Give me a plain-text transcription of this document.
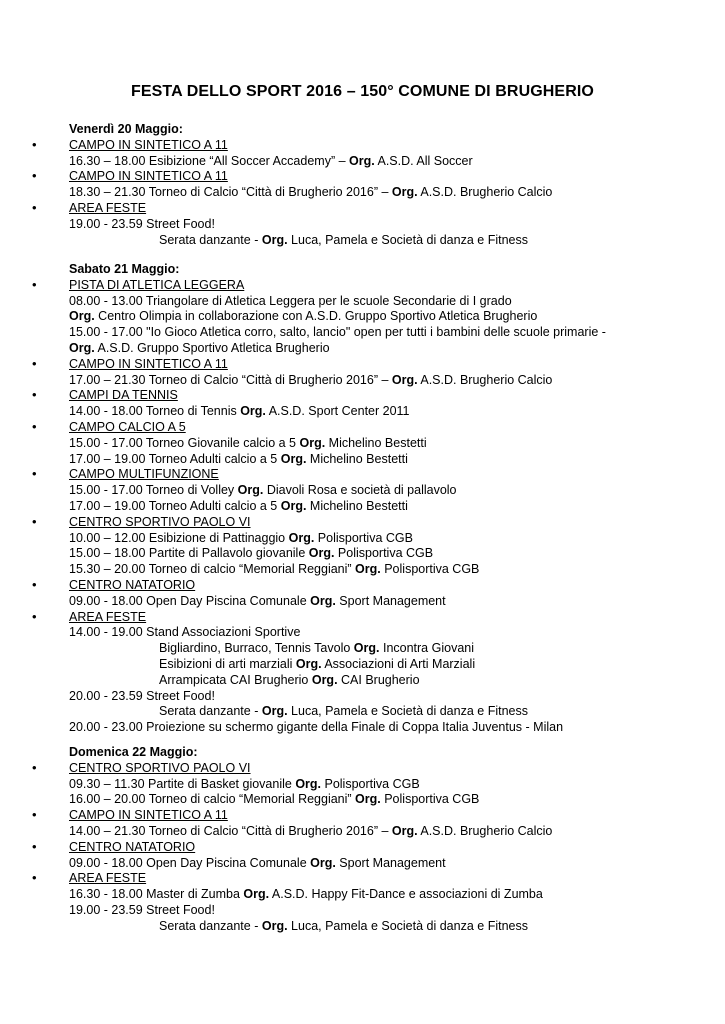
FESTA DELLO SPORT 2016 – 150° COMUNE DI BRUGHERIO
Venerdì 20 Maggio:
•	CAMPO IN SINTETICO A 11
16.30 – 18.00 Esibizione “All Soccer Accademy” – Org. A.S.D. All Soccer
•	CAMPO IN SINTETICO A 11
18.30 – 21.30 Torneo di Calcio “Città di Brugherio 2016” – Org. A.S.D. Brugherio Calcio
•	AREA FESTE
19.00 - 23.59 Street Food!
Serata danzante - Org. Luca, Pamela e Società di danza e Fitness
Sabato 21 Maggio:
•	PISTA DI ATLETICA LEGGERA
08.00 - 13.00 Triangolare di Atletica Leggera per le scuole Secondarie di I grado
Org. Centro Olimpia in collaborazione con A.S.D. Gruppo Sportivo Atletica Brugherio
15.00 - 17.00 "Io Gioco Atletica corro, salto, lancio" open per tutti i bambini delle scuole primarie -
Org. A.S.D. Gruppo Sportivo Atletica Brugherio
•	CAMPO IN SINTETICO A 11
17.00 – 21.30 Torneo di Calcio “Città di Brugherio 2016” – Org. A.S.D. Brugherio Calcio
•	CAMPI DA TENNIS
14.00 - 18.00 Torneo di Tennis Org. A.S.D. Sport Center 2011
•	CAMPO CALCIO A 5
15.00 - 17.00 Torneo Giovanile calcio a 5 Org. Michelino Bestetti
17.00 – 19.00 Torneo Adulti calcio a 5 Org. Michelino Bestetti
•	CAMPO MULTIFUNZIONE
15.00 - 17.00 Torneo di Volley Org. Diavoli Rosa e società di pallavolo
17.00 – 19.00 Torneo Adulti calcio a 5 Org. Michelino Bestetti
•	CENTRO SPORTIVO PAOLO VI
10.00 – 12.00 Esibizione di Pattinaggio Org. Polisportiva CGB
15.00 – 18.00 Partite di Pallavolo giovanile Org. Polisportiva CGB
15.30 – 20.00 Torneo di calcio “Memorial Reggiani” Org. Polisportiva CGB
•	CENTRO NATATORIO
09.00 - 18.00 Open Day Piscina Comunale Org. Sport Management
•	AREA FESTE
14.00 - 19.00 Stand Associazioni Sportive
Bigliardino, Burraco, Tennis Tavolo Org. Incontra Giovani
Esibizioni di arti marziali Org. Associazioni di Arti Marziali
Arrampicata CAI Brugherio Org. CAI Brugherio
20.00 - 23.59 Street Food!
Serata danzante - Org. Luca, Pamela e Società di danza e Fitness
20.00 - 23.00 Proiezione su schermo gigante della Finale di Coppa Italia Juventus - Milan
Domenica 22 Maggio:
•	CENTRO SPORTIVO PAOLO VI
09.30 – 11.30 Partite di Basket giovanile Org. Polisportiva CGB
16.00 – 20.00 Torneo di calcio “Memorial Reggiani” Org. Polisportiva CGB
•	CAMPO IN SINTETICO A 11
14.00 – 21.30 Torneo di Calcio “Città di Brugherio 2016” – Org. A.S.D. Brugherio Calcio
•	CENTRO NATATORIO
09.00 - 18.00 Open Day Piscina Comunale Org. Sport Management
•	AREA FESTE
16.30 - 18.00 Master di Zumba Org. A.S.D. Happy Fit-Dance e associazioni di Zumba
19.00 - 23.59 Street Food!
Serata danzante - Org. Luca, Pamela e Società di danza e Fitness
